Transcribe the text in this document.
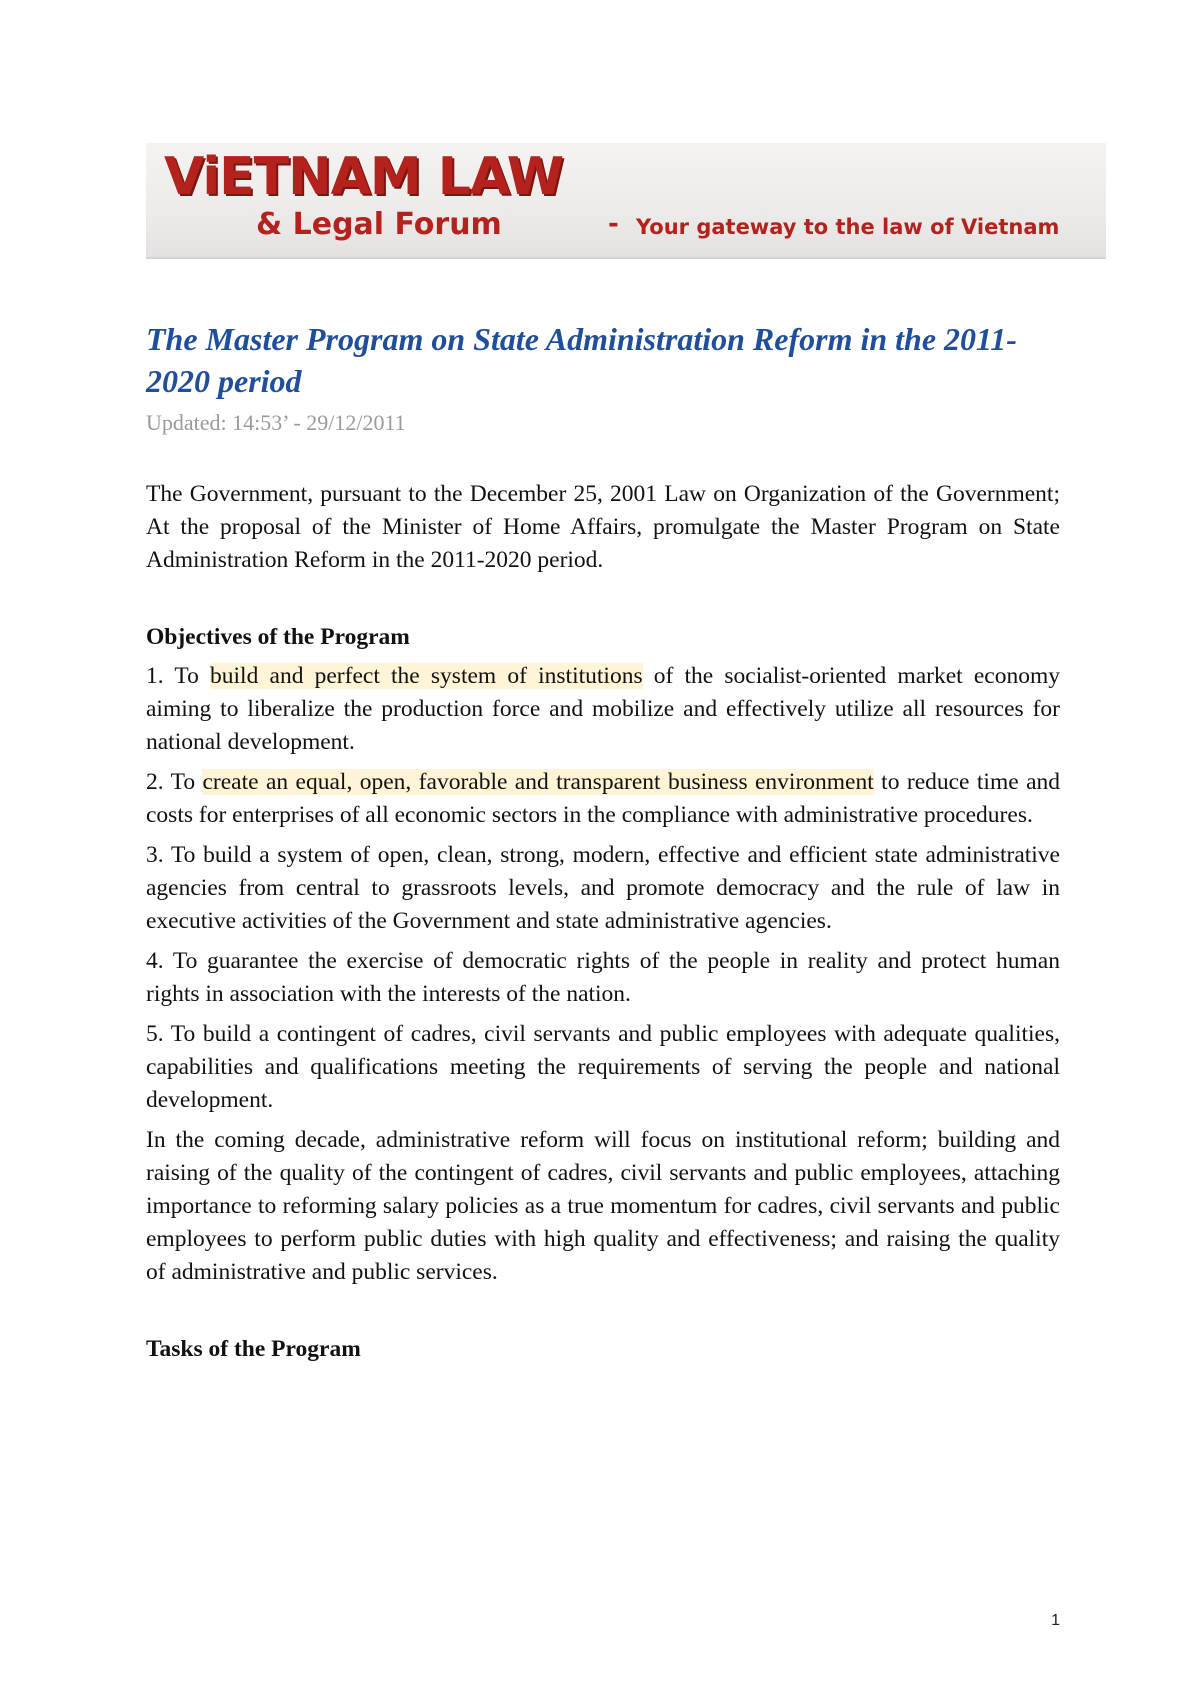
ViETNAM LAW
& Legal Forum	- Your gateway to the law of Vietnam
The Master Program on State Administration Reform in the 2011-2020 period

Updated: 14:53’ - 29/12/2011

The Government, pursuant to the December 25, 2001 Law on Organization of the Government; At the proposal of the Minister of Home Affairs, promulgate the Master Program on State Administration Reform in the 2011-2020 period.

Objectives of the Program

1. To build and perfect the system of institutions of the socialist-oriented market economy aiming to liberalize the production force and mobilize and effectively utilize all resources for national development.

2. To create an equal, open, favorable and transparent business environment to reduce time and costs for enterprises of all economic sectors in the compliance with administrative procedures.

3. To build a system of open, clean, strong, modern, effective and efficient state administrative agencies from central to grassroots levels, and promote democracy and the rule of law in executive activities of the Government and state administrative agencies.

4. To guarantee the exercise of democratic rights of the people in reality and protect human rights in association with the interests of the nation.

5. To build a contingent of cadres, civil servants and public employees with adequate qualities, capabilities and qualifications meeting the requirements of serving the people and national development.

In the coming decade, administrative reform will focus on institutional reform; building and raising of the quality of the contingent of cadres, civil servants and public employees, attaching importance to reforming salary policies as a true momentum for cadres, civil servants and public employees to perform public duties with high quality and effectiveness; and raising the quality of administrative and public services.

Tasks of the Program

1
